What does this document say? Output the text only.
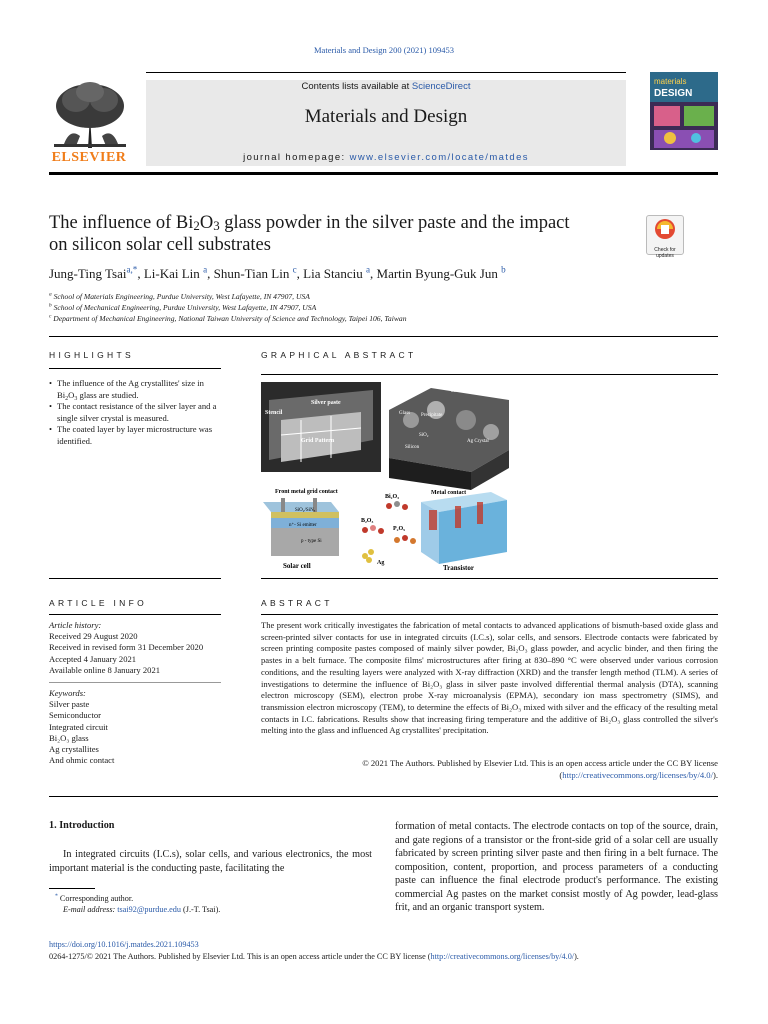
Materials and Design 200 (2021) 109453
ELSEVIER
Contents lists available at ScienceDirect
Materials and Design
journal homepage: www.elsevier.com/locate/matdes
materials
DESIGN
The influence of $Bi_2O_3$ glass powder in the silver paste and the impact
on silicon solar cell substrates	Check for updates
Jung-Ting Tsai$^{a,*}$, Li-Kai Lin $^a$, Shun-Tian Lin $^c$, Lia Stanciu $^a$, Martin Byung-Guk Jun $^b$
$^a$ School of Materials Engineering, Purdue University, West Lafayette, IN 47907, USA
$^b$ School of Mechanical Engineering, Purdue University, West Lafayette, IN 47907, USA
$^c$ Department of Mechanical Engineering, National Taiwan University of Science and Technology, Taipei 106, Taiwan
HIGHLIGHTS
• The influence of the Ag crystallites' size in $Bi_2O_3$ glass are studied.
• The contact resistance of the silver layer and a single silver crystal is measured.
• The coated layer by layer microstructure was identified.
GRAPHICAL ABSTRACT
Stencil
Silver paste
Grid Pattern
Silver
Glass Precipitate
SiO₂
Silicon
Ag Crystal
Front metal grid contact
SiO₂/SiNₓ
n⁺- Si emitter
p - type Si
Solar cell
Bi₂O₃
B₂O₃
P₂O₅
Ag
Metal contact
Transistor
ARTICLE INFO
Article history:
Received 29 August 2020
Received in revised form 31 December 2020
Accepted 4 January 2021
Available online 8 January 2021
Keywords:
Silver paste
Semiconductor
Integrated circuit
Bi₂O₃ glass
Ag crystallites
And ohmic contact
ABSTRACT
The present work critically investigates the fabrication of metal contacts to advanced applications of bismuth-based oxide glass and screen-printed silver contacts for use in integrated circuits (I.C.s), solar cells, and sensors. Electrode contacts were fabricated by screen printing composite pastes composed of mainly silver powder, Bi₂O₃ glass powder, and acyclic binder, and then firing the pastes in a belt furnace. The composite films' microstructures after firing at 830–890 °C were observed under various corrosion conditions, and the resulting layers were analyzed with X-ray diffraction (XRD) and the transfer length method (TLM). A series of investigations to determine the influence of Bi₂O₃ glass in silver paste involved differential thermal analysis (DTA), scanning electron microscopy (SEM), electron probe X-ray microanalysis (EPMA), secondary ion mass spectrometry (SIMS), and transmission electron microscopy (TEM), to determine the effects of Bi₂O₃ mixed with silver and the efficacy of the resulting metal contacts in I.C. fabrications. Results show that increasing firing temperature and the additive of Bi₂O₃ glass controlled the silver's melting into the glass and influenced Ag crystallites' precipitation.
© 2021 The Authors. Published by Elsevier Ltd. This is an open access article under the CC BY license (http://creativecommons.org/licenses/by/4.0/).
1. Introduction
In integrated circuits (I.C.s), solar cells, and various electronics, the most important material is the conducting paste, facilitating the
formation of metal contacts. The electrode contacts on top of the source, drain, and gate regions of a transistor or the front-side grid of a solar cell are usually fabricated by screen printing silver paste and then firing in a belt furnace. The composition, content, proportion, and process parameters of a conducting paste can influence the final electrode product's performance. The existing commercial Ag pastes on the market consist mostly of Ag powder, lead-glass frit, and an organic transport system.
* Corresponding author.
E-mail address: tsai92@purdue.edu (J.-T. Tsai).
https://doi.org/10.1016/j.matdes.2021.109453
0264-1275/© 2021 The Authors. Published by Elsevier Ltd. This is an open access article under the CC BY license (http://creativecommons.org/licenses/by/4.0/).
